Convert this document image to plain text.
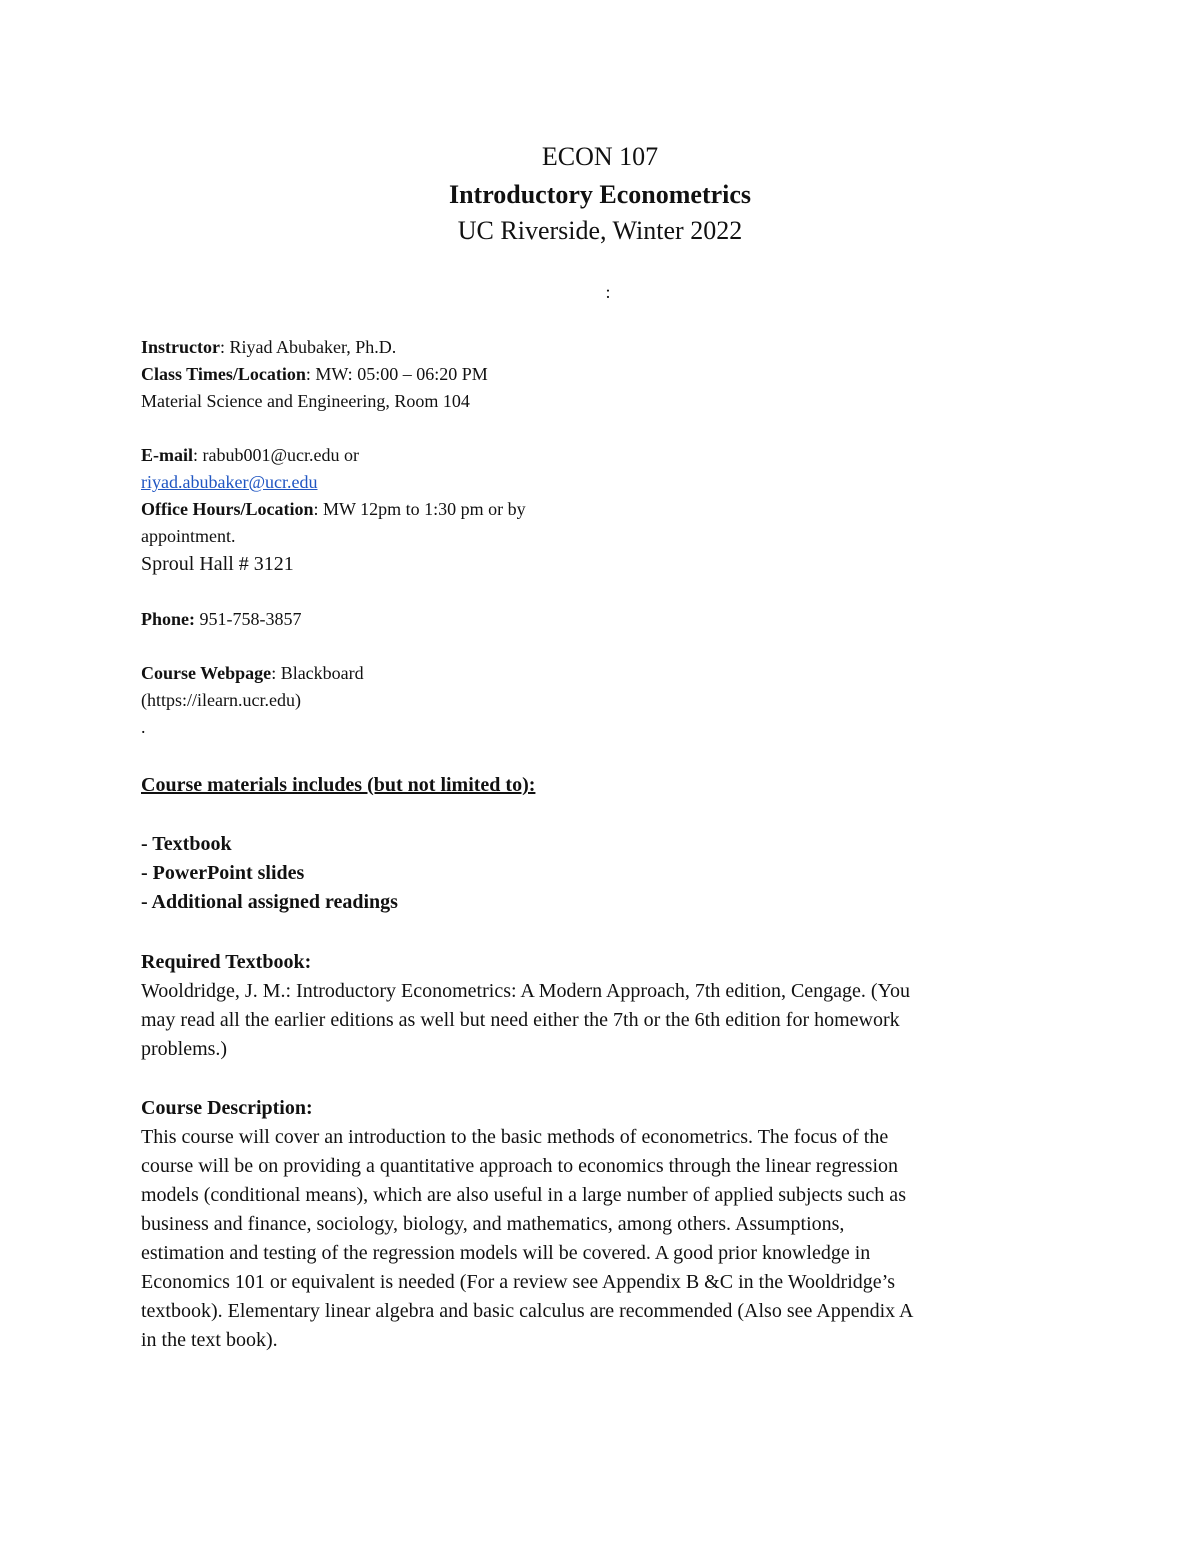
ECON 107
Introductory Econometrics
UC Riverside, Winter 2022
:
Instructor: Riyad Abubaker, Ph.D.
Class Times/Location: MW: 05:00 – 06:20 PM
Material Science and Engineering, Room 104
E-mail: rabub001@ucr.edu or
riyad.abubaker@ucr.edu
Office Hours/Location: MW 12pm to 1:30 pm or by
appointment.
Sproul Hall # 3121
Phone: 951-758-3857
Course Webpage: Blackboard
(https://ilearn.ucr.edu)
.
Course materials includes (but not limited to):
- Textbook
- PowerPoint slides
- Additional assigned readings
Required Textbook:
Wooldridge, J. M.: Introductory Econometrics: A Modern Approach, 7th edition, Cengage. (You
may read all the earlier editions as well but need either the 7th or the 6th edition for homework
problems.)
Course Description:
This course will cover an introduction to the basic methods of econometrics. The focus of the
course will be on providing a quantitative approach to economics through the linear regression
models (conditional means), which are also useful in a large number of applied subjects such as
business and finance, sociology, biology, and mathematics, among others. Assumptions,
estimation and testing of the regression models will be covered. A good prior knowledge in
Economics 101 or equivalent is needed (For a review see Appendix B &C in the Wooldridge’s
textbook). Elementary linear algebra and basic calculus are recommended (Also see Appendix A
in the text book).
